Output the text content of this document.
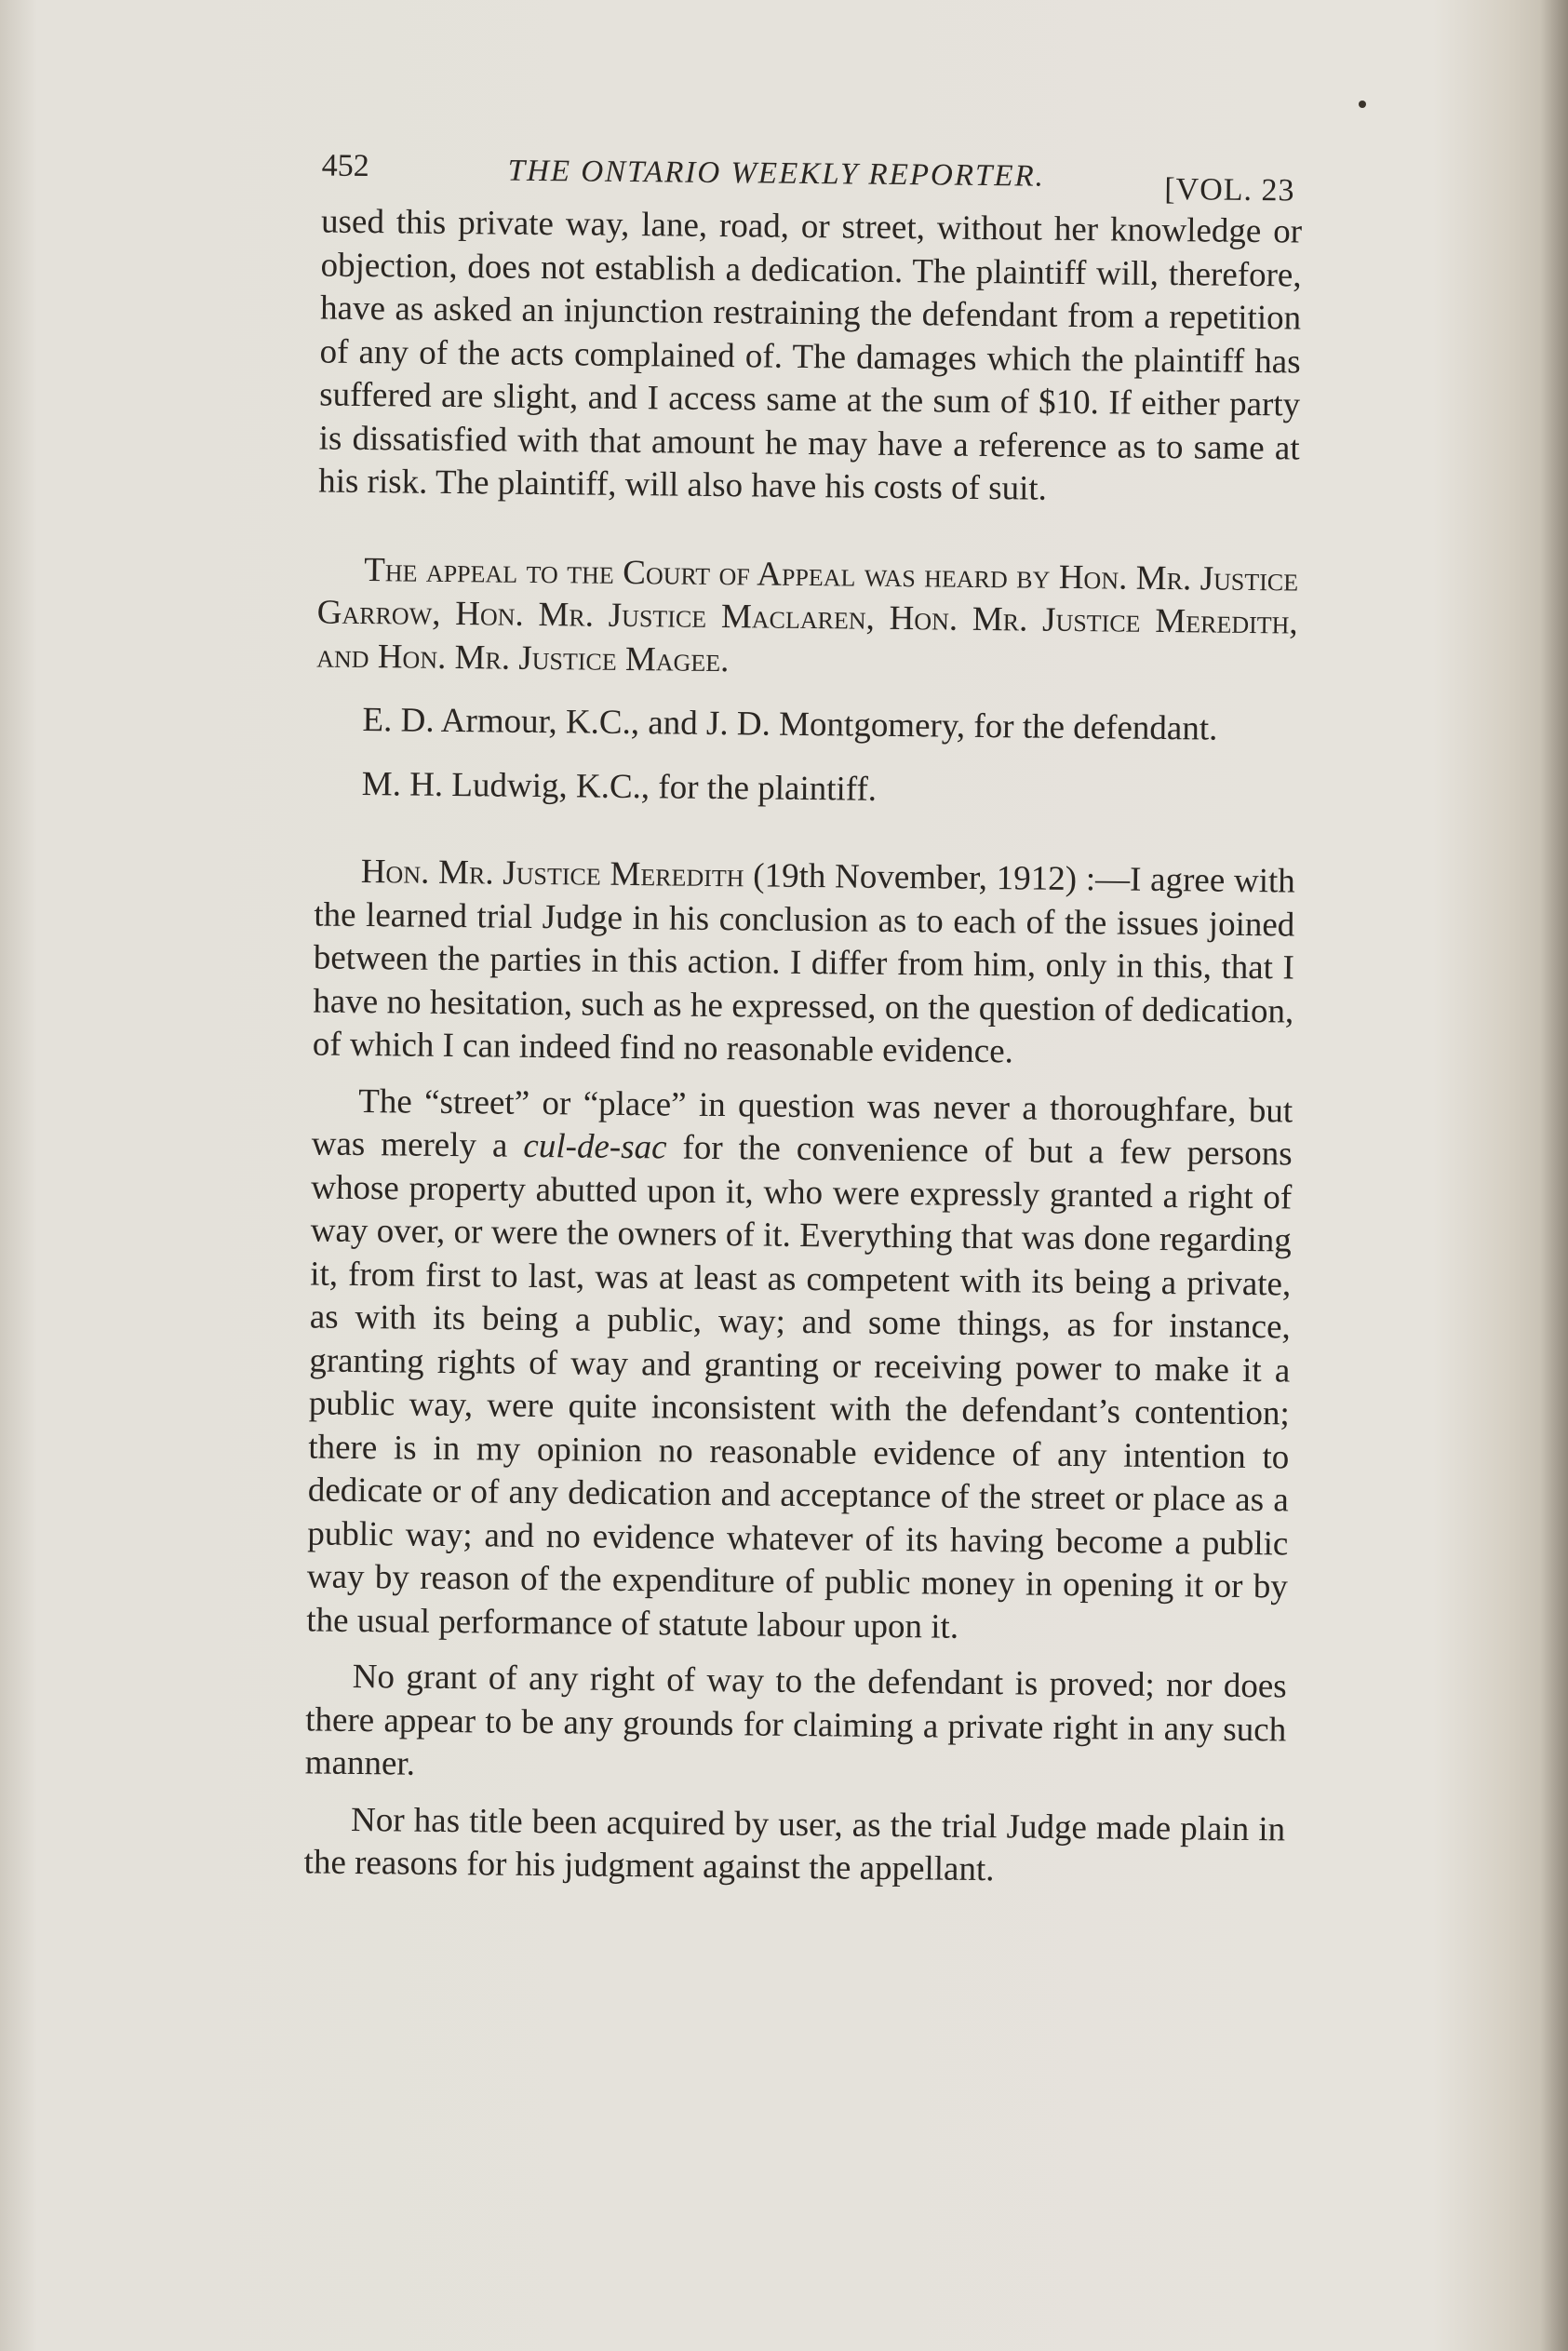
452	THE ONTARIO WEEKLY REPORTER.	[VOL. 23

used this private way, lane, road, or street, without her knowledge or objection, does not establish a dedication. The plaintiff will, therefore, have as asked an injunction restraining the defendant from a repetition of any of the acts complained of. The damages which the plaintiff has suffered are slight, and I access same at the sum of $10. If either party is dissatisfied with that amount he may have a reference as to same at his risk. The plaintiff, will also have his costs of suit.

The appeal to the Court of Appeal was heard by Hon. Mr. Justice Garrow, Hon. Mr. Justice Maclaren, Hon. Mr. Justice Meredith, and Hon. Mr. Justice Magee.

E. D. Armour, K.C., and J. D. Montgomery, for the defendant.

M. H. Ludwig, K.C., for the plaintiff.

Hon. Mr. Justice Meredith (19th November, 1912) :—I agree with the learned trial Judge in his conclusion as to each of the issues joined between the parties in this action. I differ from him, only in this, that I have no hesitation, such as he expressed, on the question of dedication, of which I can indeed find no reasonable evidence.

The “street” or “place” in question was never a thoroughfare, but was merely a cul-de-sac for the convenience of but a few persons whose property abutted upon it, who were expressly granted a right of way over, or were the owners of it. Everything that was done regarding it, from first to last, was at least as competent with its being a private, as with its being a public, way; and some things, as for instance, granting rights of way and granting or receiving power to make it a public way, were quite inconsistent with the defendant’s contention; there is in my opinion no reasonable evidence of any intention to dedicate or of any dedication and acceptance of the street or place as a public way; and no evidence whatever of its having become a public way by reason of the expenditure of public money in opening it or by the usual performance of statute labour upon it.

No grant of any right of way to the defendant is proved; nor does there appear to be any grounds for claiming a private right in any such manner.

Nor has title been acquired by user, as the trial Judge made plain in the reasons for his judgment against the appellant.
